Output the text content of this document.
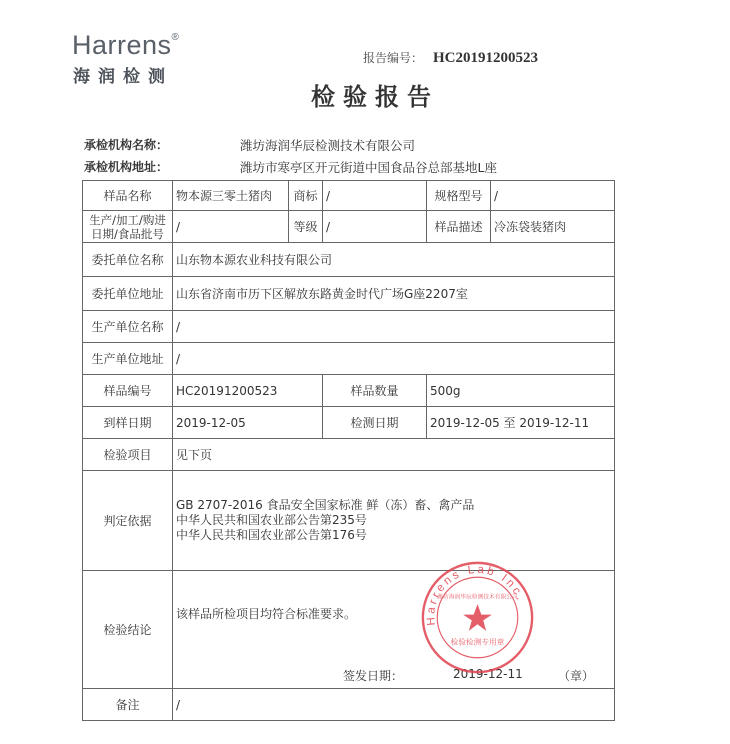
Harrens®
海润检测
报告编号： HC20191200523
检验报告
承检机构名称：	潍坊海润华辰检测技术有限公司
承检机构地址：	潍坊市寒亭区开元街道中国食品谷总部基地L座
样品名称	物本源三零土猪肉	商标	/	规格型号	/
生产/加工/购进日期/食品批号	/	等级	/	样品描述	冷冻袋装猪肉
委托单位名称	山东物本源农业科技有限公司				
委托单位地址	山东省济南市历下区解放东路黄金时代广场G座2207室				
生产单位名称	/				
生产单位地址	/				
样品编号	HC20191200523		样品数量	500g	
到样日期	2019-12-05		检测日期	2019-12-05 至 2019-12-11	
检验项目	见下页				
判定依据	GB 2707-2016 食品安全国家标准 鲜（冻）畜、禽产品
中华人民共和国农业部公告第235号
中华人民共和国农业部公告第176号				

检验结论	该样品所检项目均符合标准要求。
签发日期： 2019-12-11 （章）				

备注	/				
Harrens Lab Inc.
潍坊海润华辰检测技术有限公司
检验检测专用章
